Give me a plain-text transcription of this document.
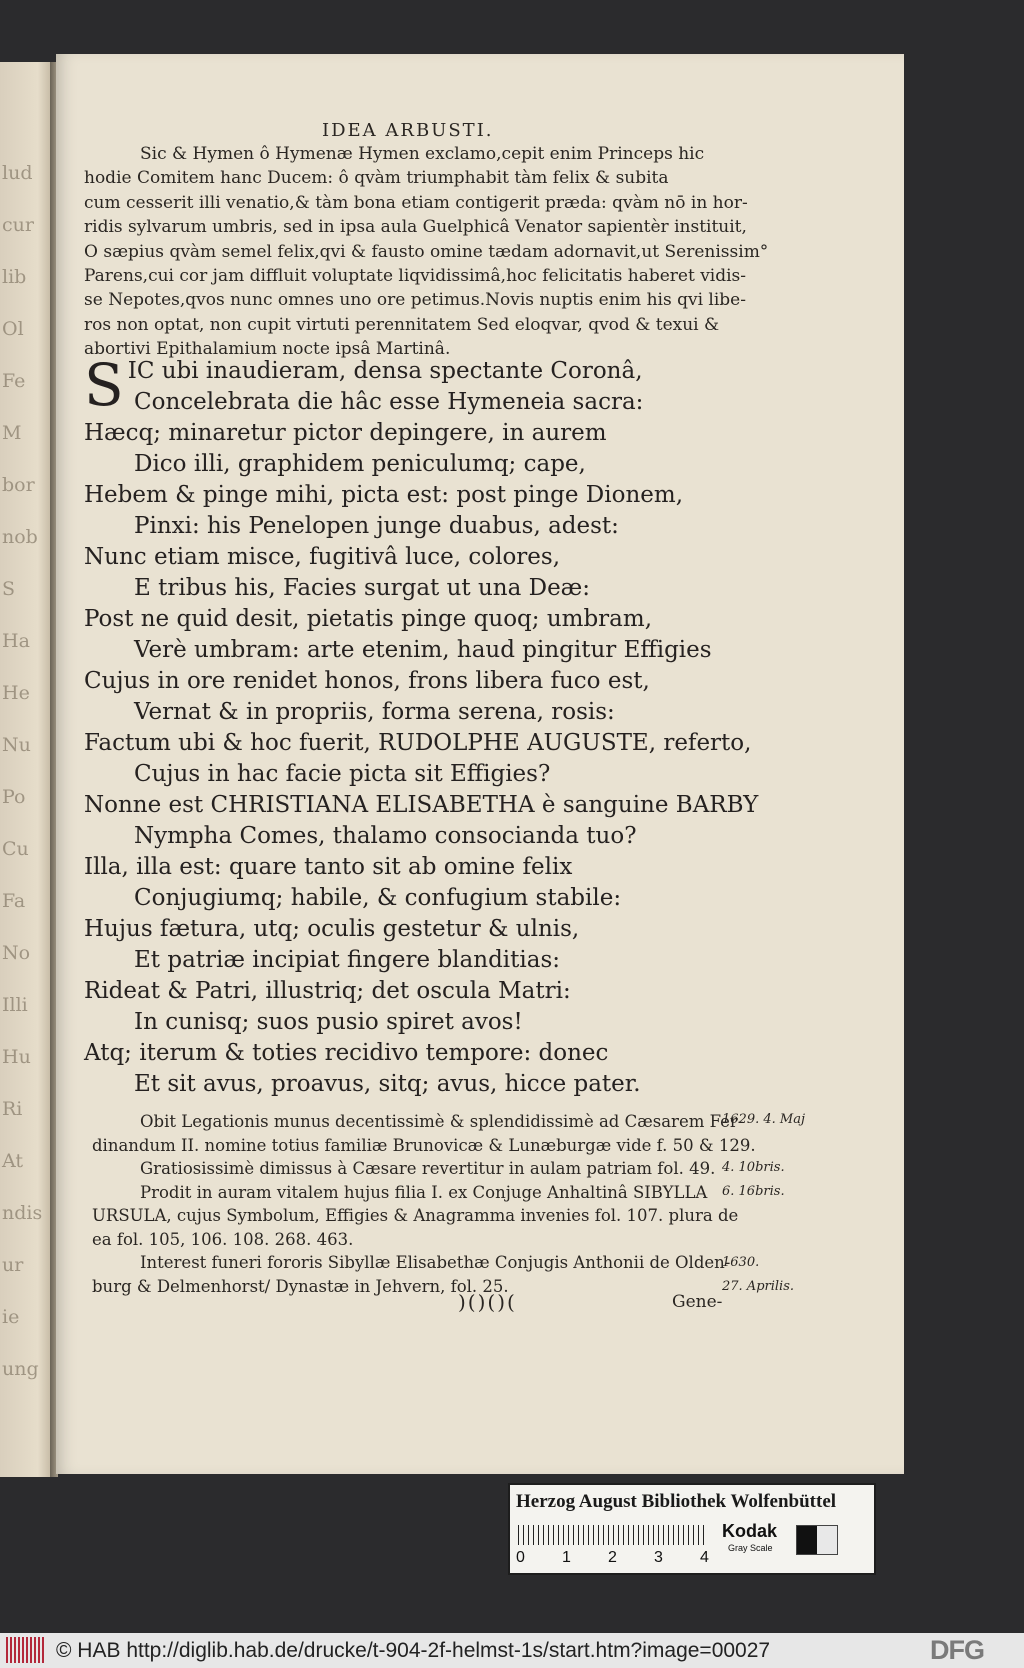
lud
cur
lib
Ol
Fe
M
bor
nob
S
Ha
He
Nu
Po
Cu
Fa
No
Illi
Hu
Ri
At
ndis
ur
ie
ung
IDEA ARBUSTI.
Sic & Hymen ô Hymenæ Hymen exclamo,cepit enim Princeps hic
hodie Comitem hanc Ducem: ô qvàm triumphabit tàm felix & subita
cum cesserit illi venatio,& tàm bona etiam contigerit præda: qvàm nō in hor-
ridis sylvarum umbris, sed in ipsa aula Guelphicâ Venator sapientèr instituit,
O sæpius qvàm semel felix,qvi & fausto omine tædam adornavit,ut Serenissim°
Parens,cui cor jam diffluit voluptate liqvidissimâ,hoc felicitatis haberet vidis-
se Nepotes,qvos nunc omnes uno ore petimus.Novis nuptis enim his qvi libe-
ros non optat, non cupit virtuti perennitatem Sed eloqvar, qvod & texui &
abortivi Epithalamium nocte ipsâ Martinâ.
S IC ubi inaudieram, densa spectante Coronâ,
Concelebrata die hâc esse Hymeneia sacra:
Hæcq; minaretur pictor depingere, in aurem
Dico illi, graphidem peniculumq; cape,
Hebem & pinge mihi, picta est: post pinge Dionem,
Pinxi: his Penelopen junge duabus, adest:
Nunc etiam misce, fugitivâ luce, colores,
E tribus his, Facies surgat ut una Deæ:
Post ne quid desit, pietatis pinge quoq; umbram,
Verè umbram: arte etenim, haud pingitur Effigies
Cujus in ore renidet honos, frons libera fuco est,
Vernat & in propriis, forma serena, rosis:
Factum ubi & hoc fuerit, RUDOLPHE AUGUSTE, referto,
Cujus in hac facie picta sit Effigies?
Nonne est CHRISTIANA ELISABETHA è sanguine BARBY
Nympha Comes, thalamo consocianda tuo?
Illa, illa est: quare tanto sit ab omine felix
Conjugiumq; habile, & confugium stabile:
Hujus fætura, utq; oculis gestetur & ulnis,
Et patriæ incipiat fingere blanditias:
Rideat & Patri, illustriq; det oscula Matri:
In cunisq; suos pusio spiret avos!
Atq; iterum & toties recidivo tempore: donec
Et sit avus, proavus, sitq; avus, hicce pater.
Obit Legationis munus decentissimè & splendidissimè ad Cæsarem Fer-
dinandum II. nomine totius familiæ Brunovicæ & Lunæburgæ vide f. 50 & 129.
Gratiosissimè dimissus à Cæsare revertitur in aulam patriam fol. 49.
Prodit in auram vitalem hujus filia I. ex Conjuge Anhaltinâ SIBYLLA
URSULA, cujus Symbolum, Effigies & Anagramma invenies fol. 107. plura de
ea fol. 105, 106. 108. 268. 463.
Interest funeri fororis Sibyllæ Elisabethæ Conjugis Anthonii de Olden-
burg & Delmenhorst/ Dynastæ in Jehvern, fol. 25.
1629. 4. Maj
4. 10bris.
6. 16bris.
1630.
27. Aprilis.
)()()(	Gene-
Herzog August Bibliothek Wolfenbüttel
0 1 2 3 4
Kodak
Gray Scale
© HAB http://diglib.hab.de/drucke/t-904-2f-helmst-1s/start.htm?image=00027	DFG
